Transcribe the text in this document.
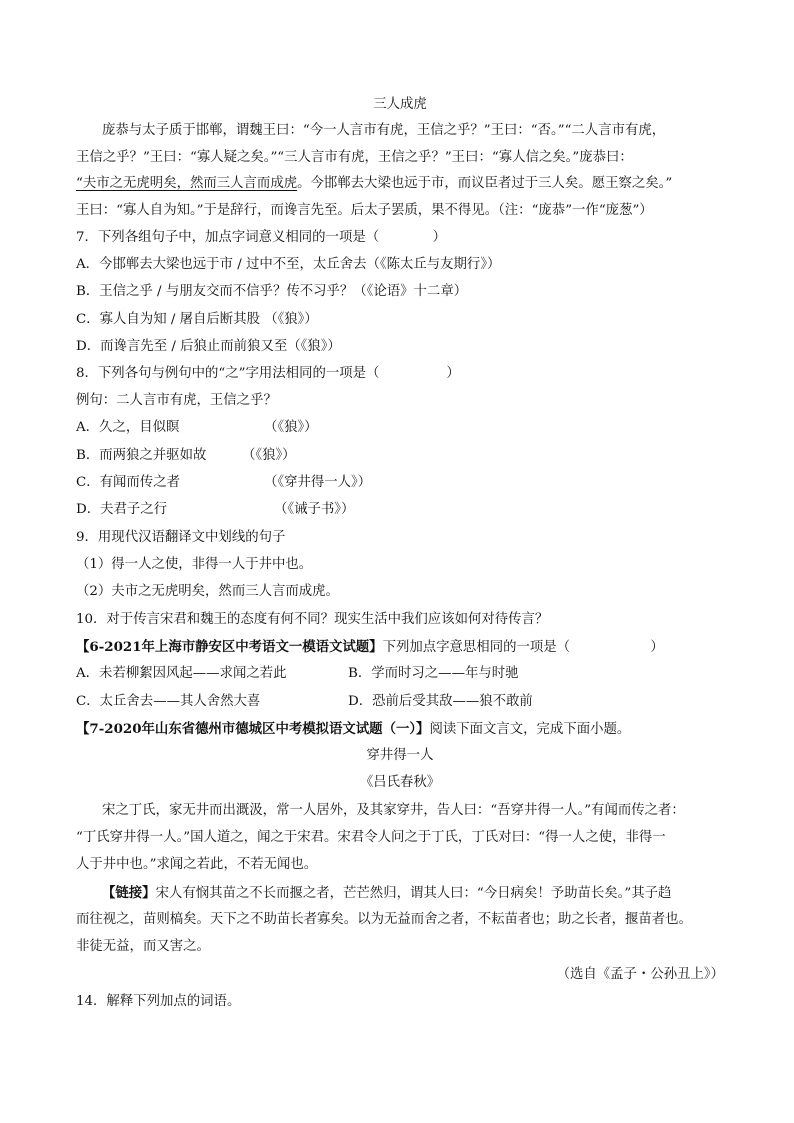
三人成虎
庞恭与太子质于邯郸，谓魏王曰：“今一人言市有虎，王信之乎？”王曰：“否。”“二人言市有虎，
王信之乎？”王曰：“寡人疑之矣。”“三人言市有虎，王信之乎？”王曰：“寡人信之矣。”庞恭曰：
“夫市之无虎明矣，然而三人言而成虎。今邯郸去大梁也远于市，而议臣者过于三人矣。愿王察之矣。”
王曰：“寡人自为知。”于是辞行，而谗言先至。后太子罢质，果不得见。（注：“庞恭”一作“庞葱”）
7．下列各组句子中，加点字词意义相同的一项是（　　　　）
A．今邯郸去大梁也远于市 / 过中不至，太丘舍去（《陈太丘与友期行》）
B．王信之乎 / 与朋友交而不信乎？传不习乎？（《论语》十二章）
C．寡人自为知 / 屠自后断其股 （《狼》）
D．而谗言先至 / 后狼止而前狼又至（《狼》）
8．下列各句与例句中的“之”字用法相同的一项是（　　　　　）
例句：二人言市有虎，王信之乎？
A．久之，目似瞑	（《狼》）
B．而两狼之并驱如故	（《狼》）
C．有闻而传之者	（《穿井得一人》）
D．夫君子之行	（《诫子书》）
9．用现代汉语翻译文中划线的句子
（1）得一人之使，非得一人于井中也。
（2）夫市之无虎明矣，然而三人言而成虎。
10．对于传言宋君和魏王的态度有何不同？现实生活中我们应该如何对待传言？
【6-2021年上海市静安区中考语文一模语文试题】下列加点字意思相同的一项是（　　　　　　）
A．未若柳絮因风起——求闻之若此	B．学而时习之——年与时驰
C．太丘舍去——其人舍然大喜	D．恐前后受其敌——狼不敢前
【7-2020年山东省德州市德城区中考模拟语文试题（一）】阅读下面文言文，完成下面小题。
穿井得一人
《吕氏春秋》
宋之丁氏，家无井而出溉汲，常一人居外，及其家穿井，告人曰：“吾穿井得一人。”有闻而传之者：
“丁氏穿井得一人。”国人道之，闻之于宋君。宋君令人问之于丁氏，丁氏对曰：“得一人之使，非得一
人于井中也。”求闻之若此，不若无闻也。
【链接】宋人有悯其苗之不长而揠之者，芒芒然归，谓其人曰：“今日病矣！予助苗长矣。”其子趋
而往视之，苗则槁矣。天下之不助苗长者寡矣。以为无益而舍之者，不耘苗者也；助之长者，揠苗者也。
非徒无益，而又害之。
（选自《孟子・公孙丑上》）
14．解释下列加点的词语。
